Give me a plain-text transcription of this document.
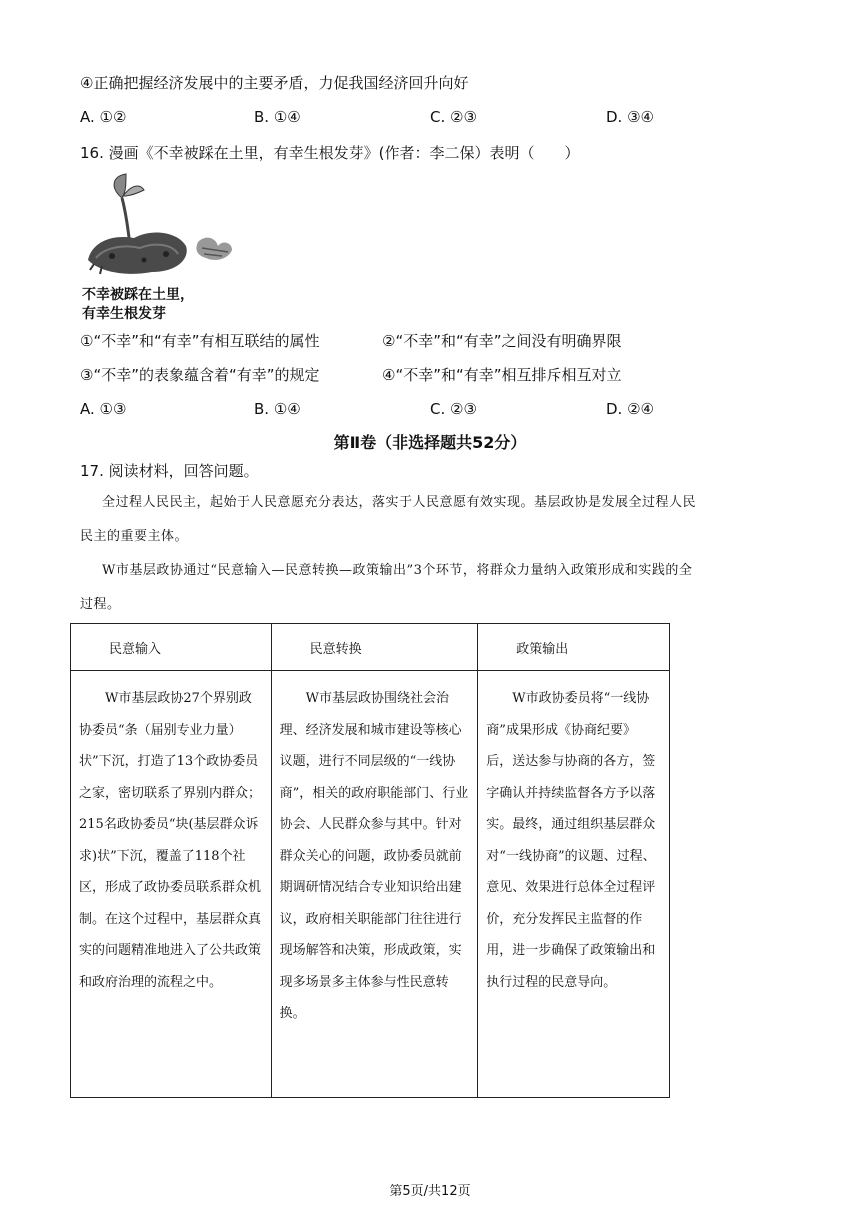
④正确把握经济发展中的主要矛盾，力促我国经济回升向好
A. ①②	B. ①④	C. ②③	D. ③④
16. 漫画《不幸被踩在土里，有幸生根发芽》(作者：李二保）表明（　　）
不幸被踩在土里，
有幸生根发芽
①“不幸”和“有幸”有相互联结的属性	②“不幸”和“有幸”之间没有明确界限
③“不幸”的表象蕴含着“有幸”的规定	④“不幸”和“有幸”相互排斥相互对立
A. ①③	B. ①④	C. ②③	D. ②④
第Ⅱ卷（非选择题共52分）
17. 阅读材料，回答问题。
全过程人民民主，起始于人民意愿充分表达，落实于人民意愿有效实现。基层政协是发展全过程人民
民主的重要主体。
W市基层政协通过“民意输入—民意转换—政策输出”3个环节，将群众力量纳入政策形成和实践的全
过程。
民意输入	民意转换	政策输出
W市基层政协27个界别政协委员“条（届别专业力量）状”下沉，打造了13个政协委员之家，密切联系了界别内群众；215名政协委员“块(基层群众诉求)状”下沉，覆盖了118个社区，形成了政协委员联系群众机制。在这个过程中，基层群众真实的问题精准地进入了公共政策和政府治理的流程之中。	W市基层政协围绕社会治理、经济发展和城市建设等核心议题，进行不同层级的“一线协商”，相关的政府职能部门、行业协会、人民群众参与其中。针对群众关心的问题，政协委员就前期调研情况结合专业知识给出建议，政府相关职能部门往往进行现场解答和决策，形成政策，实现多场景多主体参与性民意转换。	W市政协委员将“一线协商”成果形成《协商纪要》后，送达参与协商的各方，签字确认并持续监督各方予以落实。最终，通过组织基层群众对“一线协商”的议题、过程、意见、效果进行总体全过程评价，充分发挥民主监督的作用，进一步确保了政策输出和执行过程的民意导向。
第5页/共12页
